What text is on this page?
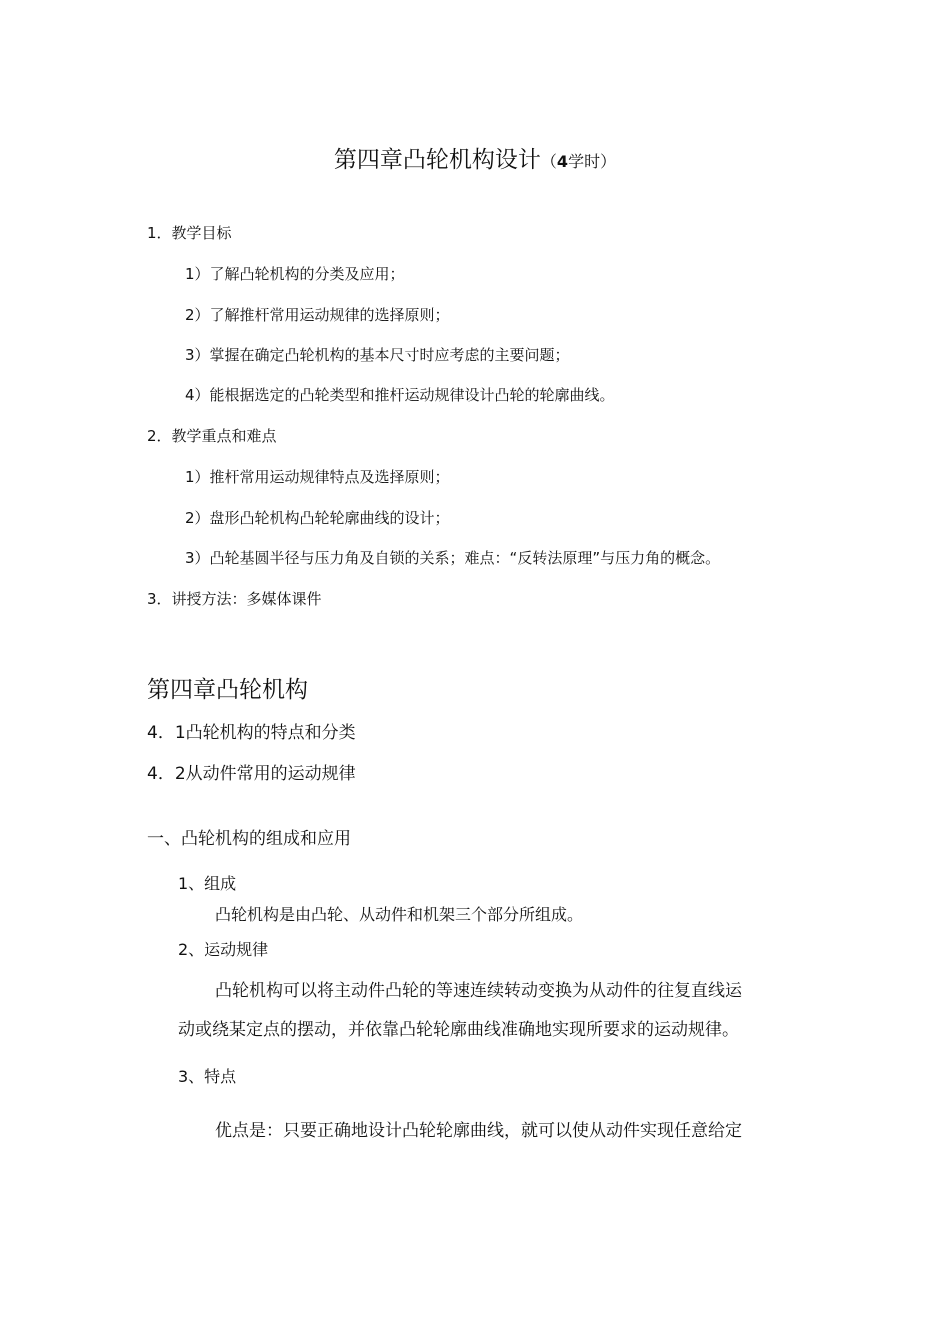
第四章凸轮机构设计（4学时）
1．教学目标
1）了解凸轮机构的分类及应用；
2）了解推杆常用运动规律的选择原则；
3）掌握在确定凸轮机构的基本尺寸时应考虑的主要问题；
4）能根据选定的凸轮类型和推杆运动规律设计凸轮的轮廓曲线。
2．教学重点和难点
1）推杆常用运动规律特点及选择原则；
2）盘形凸轮机构凸轮轮廓曲线的设计；
3）凸轮基圆半径与压力角及自锁的关系；难点：“反转法原理”与压力角的概念。
3．讲授方法：多媒体课件
第四章凸轮机构
4．1凸轮机构的特点和分类
4．2从动件常用的运动规律
一、凸轮机构的组成和应用
1、组成
凸轮机构是由凸轮、从动件和机架三个部分所组成。
2、运动规律
凸轮机构可以将主动件凸轮的等速连续转动变换为从动件的往复直线运
动或绕某定点的摆动，并依靠凸轮轮廓曲线准确地实现所要求的运动规律。
3、特点
优点是：只要正确地设计凸轮轮廓曲线，就可以使从动件实现任意给定
